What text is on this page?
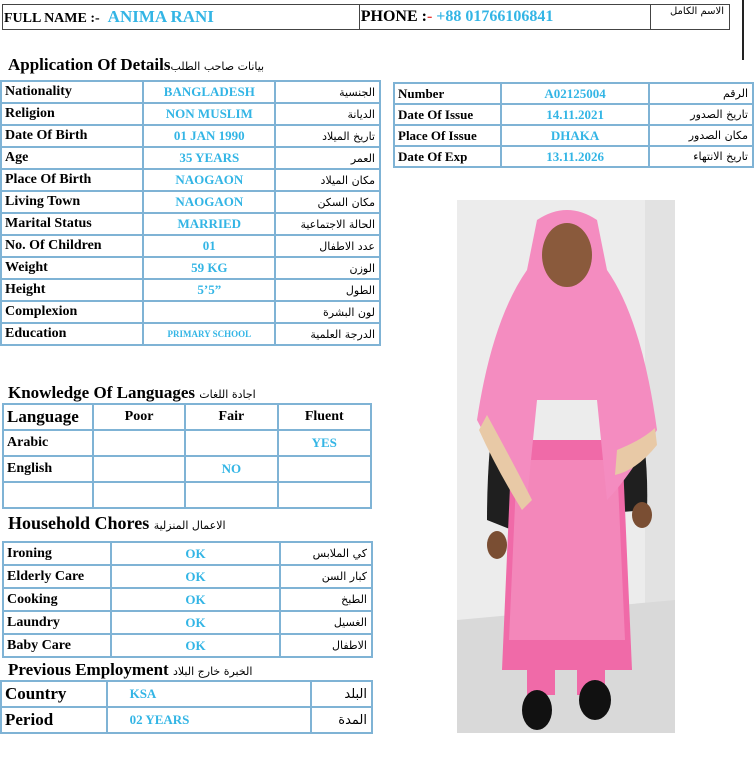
FULL NAME :- ANIMA RANI	PHONE :- +88 01766106841	الاسم الكامل
Application Of Detailsبيانات صاحب الطلب
Nationality	BANGLADESH	الجنسية
Religion	NON MUSLIM	الديانة
Date Of Birth	01 JAN 1990	تاريخ الميلاد
Age	35 YEARS	العمر
Place Of Birth	NAOGAON	مكان الميلاد
Living Town	NAOGAON	مكان السكن
Marital Status	MARRIED	الحالة الاجتماعية
No. Of Children	01	عدد الاطفال
Weight	59 KG	الوزن
Height	5’5”	الطول
Complexion		لون البشرة
Education	PRIMARY SCHOOL	الدرجة العلمية
Number	A02125004	الرقم
Date Of Issue	14.11.2021	تاريخ الصدور
Place Of Issue	DHAKA	مكان الصدور
Date Of Exp	13.11.2026	تاريخ الانتهاء
Knowledge Of Languages اجادة اللغات
Language	Poor	Fair	Fluent
Arabic			YES
English		NO	

Household Chores الاعمال المنزلية
Ironing	OK	كي الملابس
Elderly Care	OK	كبار السن
Cooking	OK	الطبخ
Laundry	OK	الغسيل
Baby Care	OK	الاطفال
Previous Employment الخبرة خارج البلاد
Country	KSA	البلد
Period	02 YEARS	المدة
